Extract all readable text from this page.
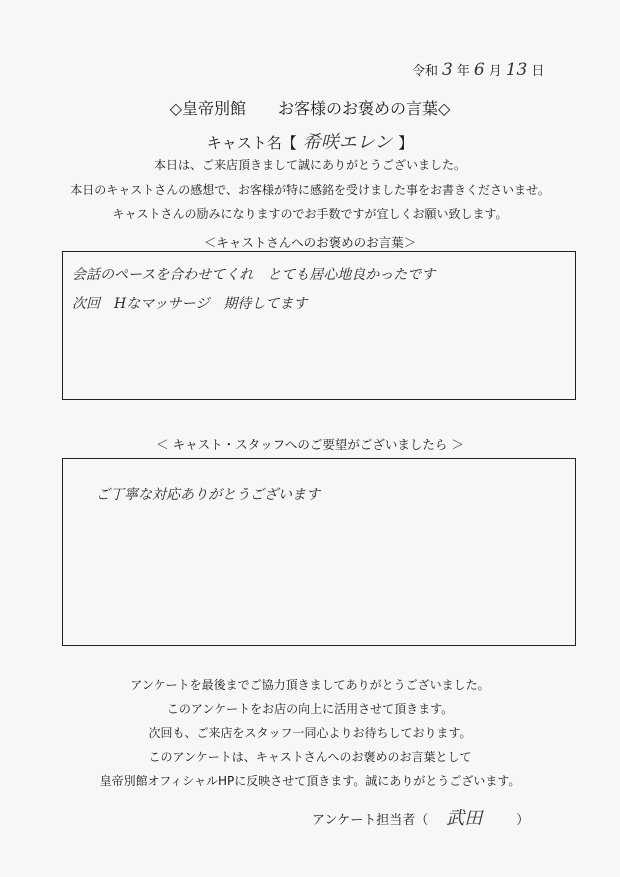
令和 3 年 6 月 13 日
◇皇帝別館　　お客様のお褒めの言葉◇
キャスト名【 希咲エレン 】
本日は、ご来店頂きまして誠にありがとうございました。
本日のキャストさんの感想で、お客様が特に感銘を受けました事をお書きくださいませ。
キャストさんの励みになりますのでお手数ですが宜しくお願い致します。
＜キャストさんへのお褒めのお言葉＞
会話のペースを合わせてくれ　とても居心地良かったです
次回　Hなマッサージ　期待してます
＜ キャスト・スタッフへのご要望がございましたら ＞
ご丁寧な対応ありがとうございます
アンケートを最後までご協力頂きましてありがとうございました。
このアンケートをお店の向上に活用させて頂きます。
次回も、ご来店をスタッフ一同心よりお待ちしております。
このアンケートは、キャストさんへのお褒めのお言葉として
皇帝別館オフィシャルHPに反映させて頂きます。誠にありがとうございます。
アンケート担当者（ 武田	）
